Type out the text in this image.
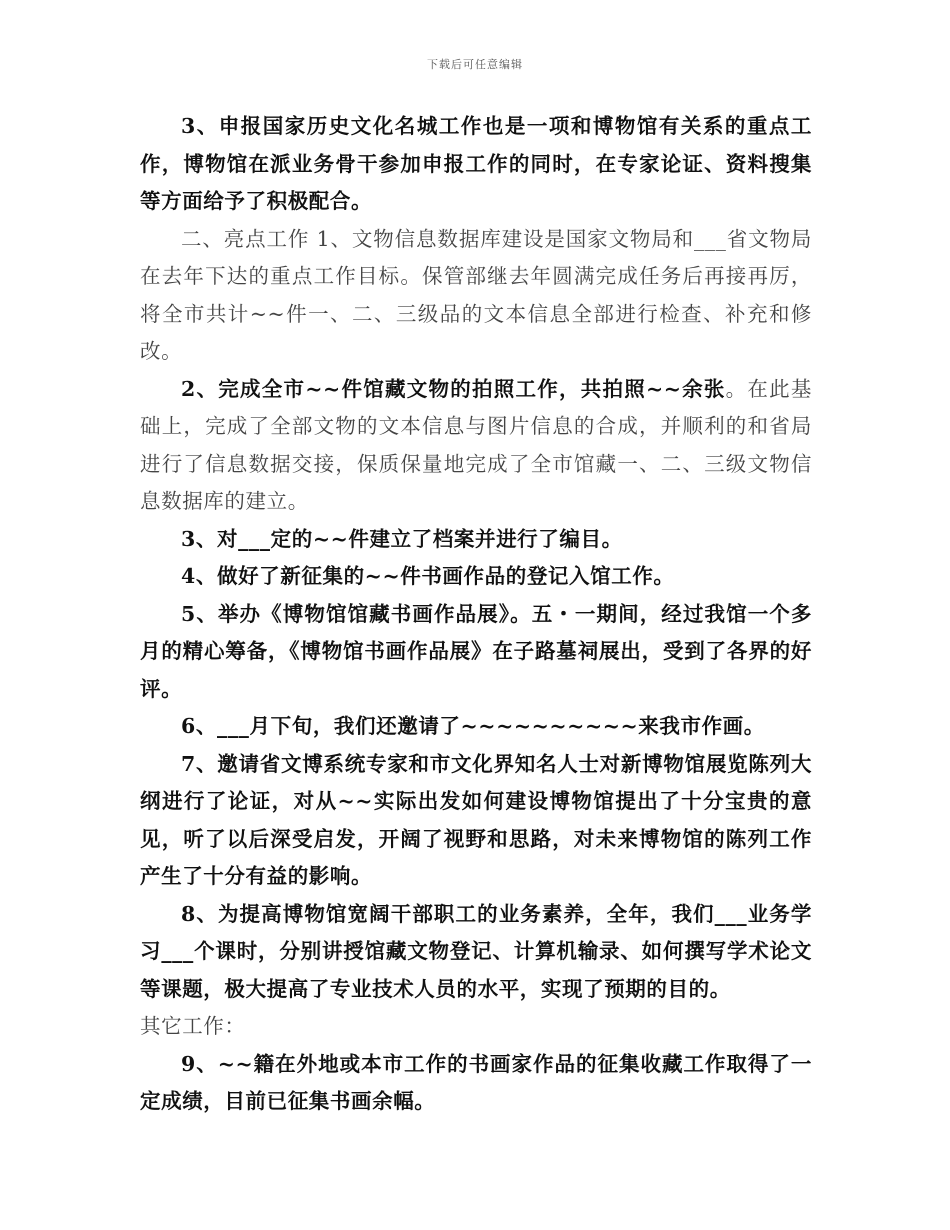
下载后可任意编辑

3、申报国家历史文化名城工作也是一项和博物馆有关系的重点工作，博物馆在派业务骨干参加申报工作的同时，在专家论证、资料搜集等方面给予了积极配合。

二、亮点工作 1、文物信息数据库建设是国家文物局和___省文物局在去年下达的重点工作目标。保管部继去年圆满完成任务后再接再厉，将全市共计~~件一、二、三级品的文本信息全部进行检查、补充和修改。

2、完成全市~~件馆藏文物的拍照工作，共拍照~~余张。在此基础上，完成了全部文物的文本信息与图片信息的合成，并顺利的和省局进行了信息数据交接，保质保量地完成了全市馆藏一、二、三级文物信息数据库的建立。

3、对___定的~~件建立了档案并进行了编目。

4、做好了新征集的~~件书画作品的登记入馆工作。

5、举办《博物馆馆藏书画作品展》。五・一期间，经过我馆一个多月的精心筹备，《博物馆书画作品展》在子路墓祠展出，受到了各界的好评。

6、___月下旬，我们还邀请了~~~~~~~~~~来我市作画。

7、邀请省文博系统专家和市文化界知名人士对新博物馆展览陈列大纲进行了论证，对从~~实际出发如何建设博物馆提出了十分宝贵的意见，听了以后深受启发，开阔了视野和思路，对未来博物馆的陈列工作产生了十分有益的影响。

8、为提高博物馆宽阔干部职工的业务素养，全年，我们___业务学习___个课时，分别讲授馆藏文物登记、计算机输录、如何撰写学术论文等课题，极大提高了专业技术人员的水平，实现了预期的目的。

其它工作：

9、~~籍在外地或本市工作的书画家作品的征集收藏工作取得了一定成绩，目前已征集书画余幅。
